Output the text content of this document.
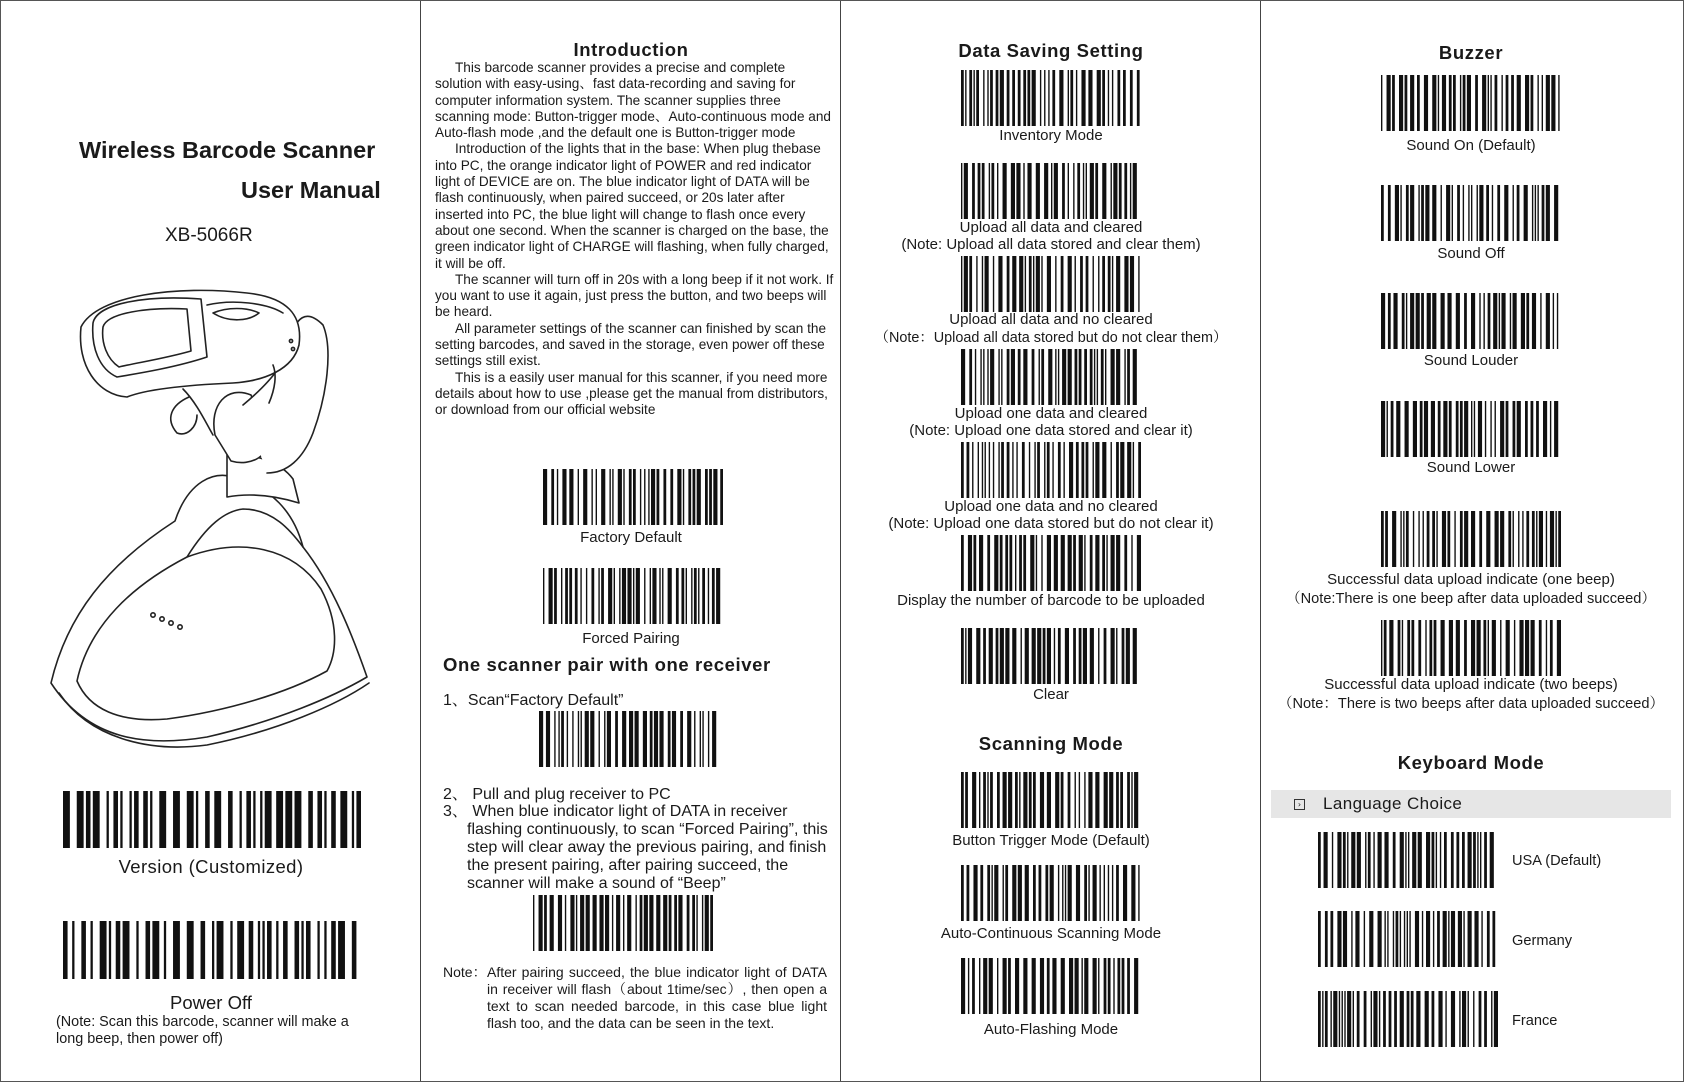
Wireless Barcode Scanner
User Manual
XB-5066R
Version (Customized)
Power Off
(Note: Scan this barcode, scanner will make a long beep, then power off)
Introduction

This barcode scanner provides a precise and complete solution with easy-using、fast data-recording and saving for computer information system. The scanner supplies three scanning mode: Button-trigger mode、Auto-continuous mode and Auto-flash mode ,and the default one is Button-trigger mode

Introduction of the lights that in the base: When plug thebase into PC, the orange indicator light of POWER and red indicator light of DEVICE are on. The blue indicator light of DATA will be flash continuously, when paired succeed, or 20s later after inserted into PC, the blue light will change to flash once every about one second. When the scanner is charged on the base, the green indicator light of CHARGE will flashing, when fully charged, it will be off.

The scanner will turn off in 20s with a long beep if it not work. If you want to use it again, just press the button, and two beeps will be heard.

All parameter settings of the scanner can finished by scan the setting barcodes, and saved in the storage, even power off these settings still exist.

This is a easily user manual for this scanner, if you need more details about how to use ,please get the manual from distributors, or download from our official website

Factory Default
Forced Pairing
One scanner pair with one receiver
1、Scan“Factory Default”
2、 Pull and plug receiver to PC
3、 When blue indicator light of DATA in receiver flashing continuously, to scan “Forced Pairing”, this step will clear away the previous pairing, and finish the present pairing, after pairing succeed, the scanner will make a sound of “Beep”
Note： After pairing succeed, the blue indicator light of DATA in receiver will flash（about 1time/sec）, then open a text to scan needed barcode, in this case blue light flash too, and the data can be seen in the text.
Data Saving Setting
Inventory Mode
Upload all data and cleared
(Note: Upload all data stored and clear them)
Upload all data and no cleared
（Note：Upload all data stored but do not clear them）
Upload one data and cleared
(Note: Upload one data stored and clear it)
Upload one data and no cleared
(Note: Upload one data stored but do not clear it)
Display the number of barcode to be uploaded
Clear
Scanning Mode
Button Trigger Mode (Default)
Auto-Continuous Scanning Mode
Auto-Flashing Mode
Buzzer
Sound On (Default)
Sound Off
Sound Louder
Sound Lower
Successful data upload indicate (one beep)
（Note:There is one beep after data uploaded succeed）
Successful data upload indicate (two beeps)
（Note：There is two beeps after data uploaded succeed）
Keyboard Mode
› Language Choice
USA (Default)
Germany
France
